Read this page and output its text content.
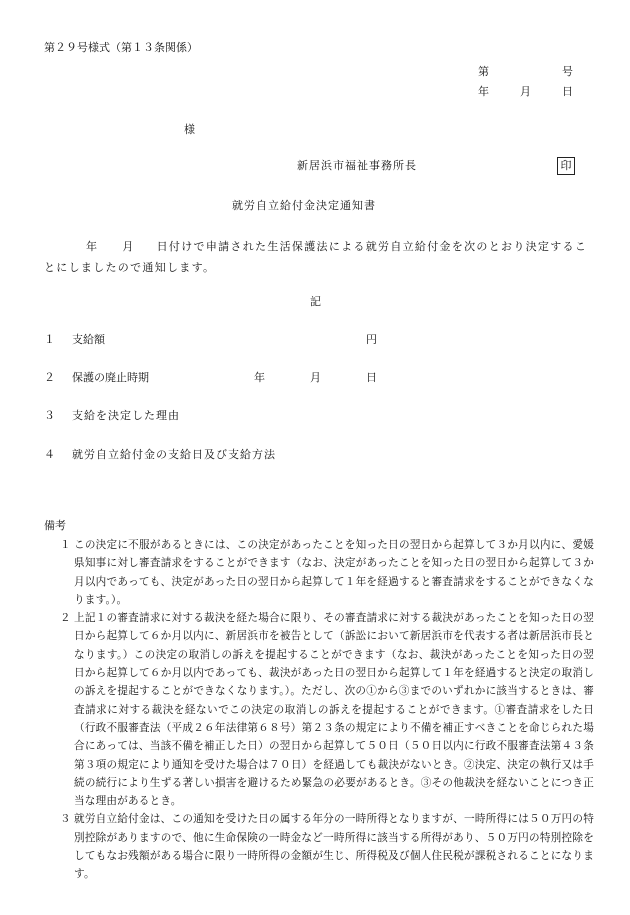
第２９号様式（第１３条関係）
第	号
年	月	日
様
新居浜市福祉事務所長	印
就労自立給付金決定通知書
年 月 日付けで申請された生活保護法による就労自立給付金を次のとおり決定することにしましたので通知します。
記
１ 支給額	円
２ 保護の廃止時期	年	月	日
３ 支給を決定した理由
４ 就労自立給付金の支給日及び支給方法
備考
１ この決定に不服があるときには、この決定があったことを知った日の翌日から起算して３か月以内に、愛媛県知事に対し審査請求をすることができます（なお、決定があったことを知った日の翌日から起算して３か月以内であっても、決定があった日の翌日から起算して１年を経過すると審査請求をすることができなくなります。）。
２ 上記１の審査請求に対する裁決を経た場合に限り、その審査請求に対する裁決があったことを知った日の翌日から起算して６か月以内に、新居浜市を被告として（訴訟において新居浜市を代表する者は新居浜市長となります。）この決定の取消しの訴えを提起することができます（なお、裁決があったことを知った日の翌日から起算して６か月以内であっても、裁決があった日の翌日から起算して１年を経過すると決定の取消しの訴えを提起することができなくなります。）。ただし、次の①から③までのいずれかに該当するときは、審査請求に対する裁決を経ないでこの決定の取消しの訴えを提起することができます。①審査請求をした日（行政不服審査法（平成２６年法律第６８号）第２３条の規定により不備を補正すべきことを命じられた場合にあっては、当該不備を補正した日）の翌日から起算して５０日（５０日以内に行政不服審査法第４３条第３項の規定により通知を受けた場合は７０日）を経過しても裁決がないとき。②決定、決定の執行又は手続の続行により生ずる著しい損害を避けるため緊急の必要があるとき。③その他裁決を経ないことにつき正当な理由があるとき。
３ 就労自立給付金は、この通知を受けた日の属する年分の一時所得となりますが、一時所得には５０万円の特別控除がありますので、他に生命保険の一時金など一時所得に該当する所得があり、５０万円の特別控除をしてもなお残額がある場合に限り一時所得の金額が生じ、所得税及び個人住民税が課税されることになります。
